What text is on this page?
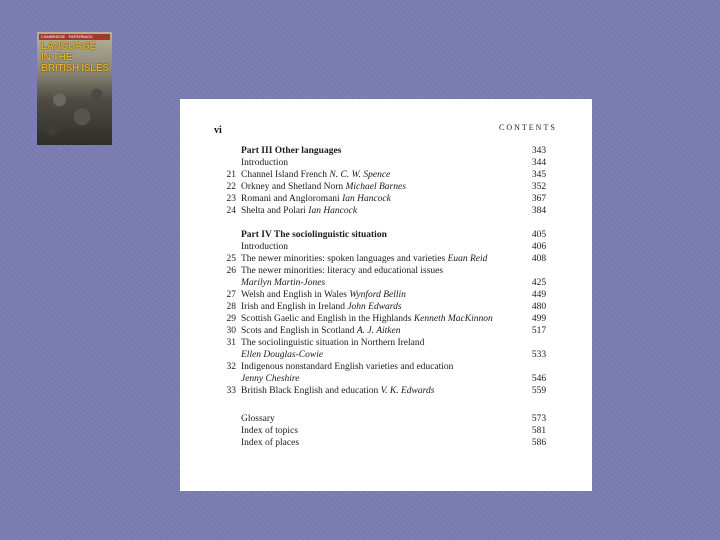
CAMBRIDGE · PAPERBACK
LANGUAGE
IN THE
BRITISH ISLES
vi	CONTENTS
Part III Other languages	343
Introduction	344
21 Channel Island French N. C. W. Spence	345
22 Orkney and Shetland Norn Michael Barnes	352
23 Romani and Angloromani Ian Hancock	367
24 Shelta and Polari Ian Hancock	384
Part IV The sociolinguistic situation	405
Introduction	406
25 The newer minorities: spoken languages and varieties Euan Reid	408
26 The newer minorities: literacy and educational issues
Marilyn Martin-Jones	425
27 Welsh and English in Wales Wynford Bellin	449
28 Irish and English in Ireland John Edwards	480
29 Scottish Gaelic and English in the Highlands Kenneth MacKinnon	499
30 Scots and English in Scotland A. J. Aitken	517
31 The sociolinguistic situation in Northern Ireland
Ellen Douglas-Cowie	533
32 Indigenous nonstandard English varieties and education
Jenny Cheshire	546
33 British Black English and education V. K. Edwards	559
Glossary	573
Index of topics	581
Index of places	586
